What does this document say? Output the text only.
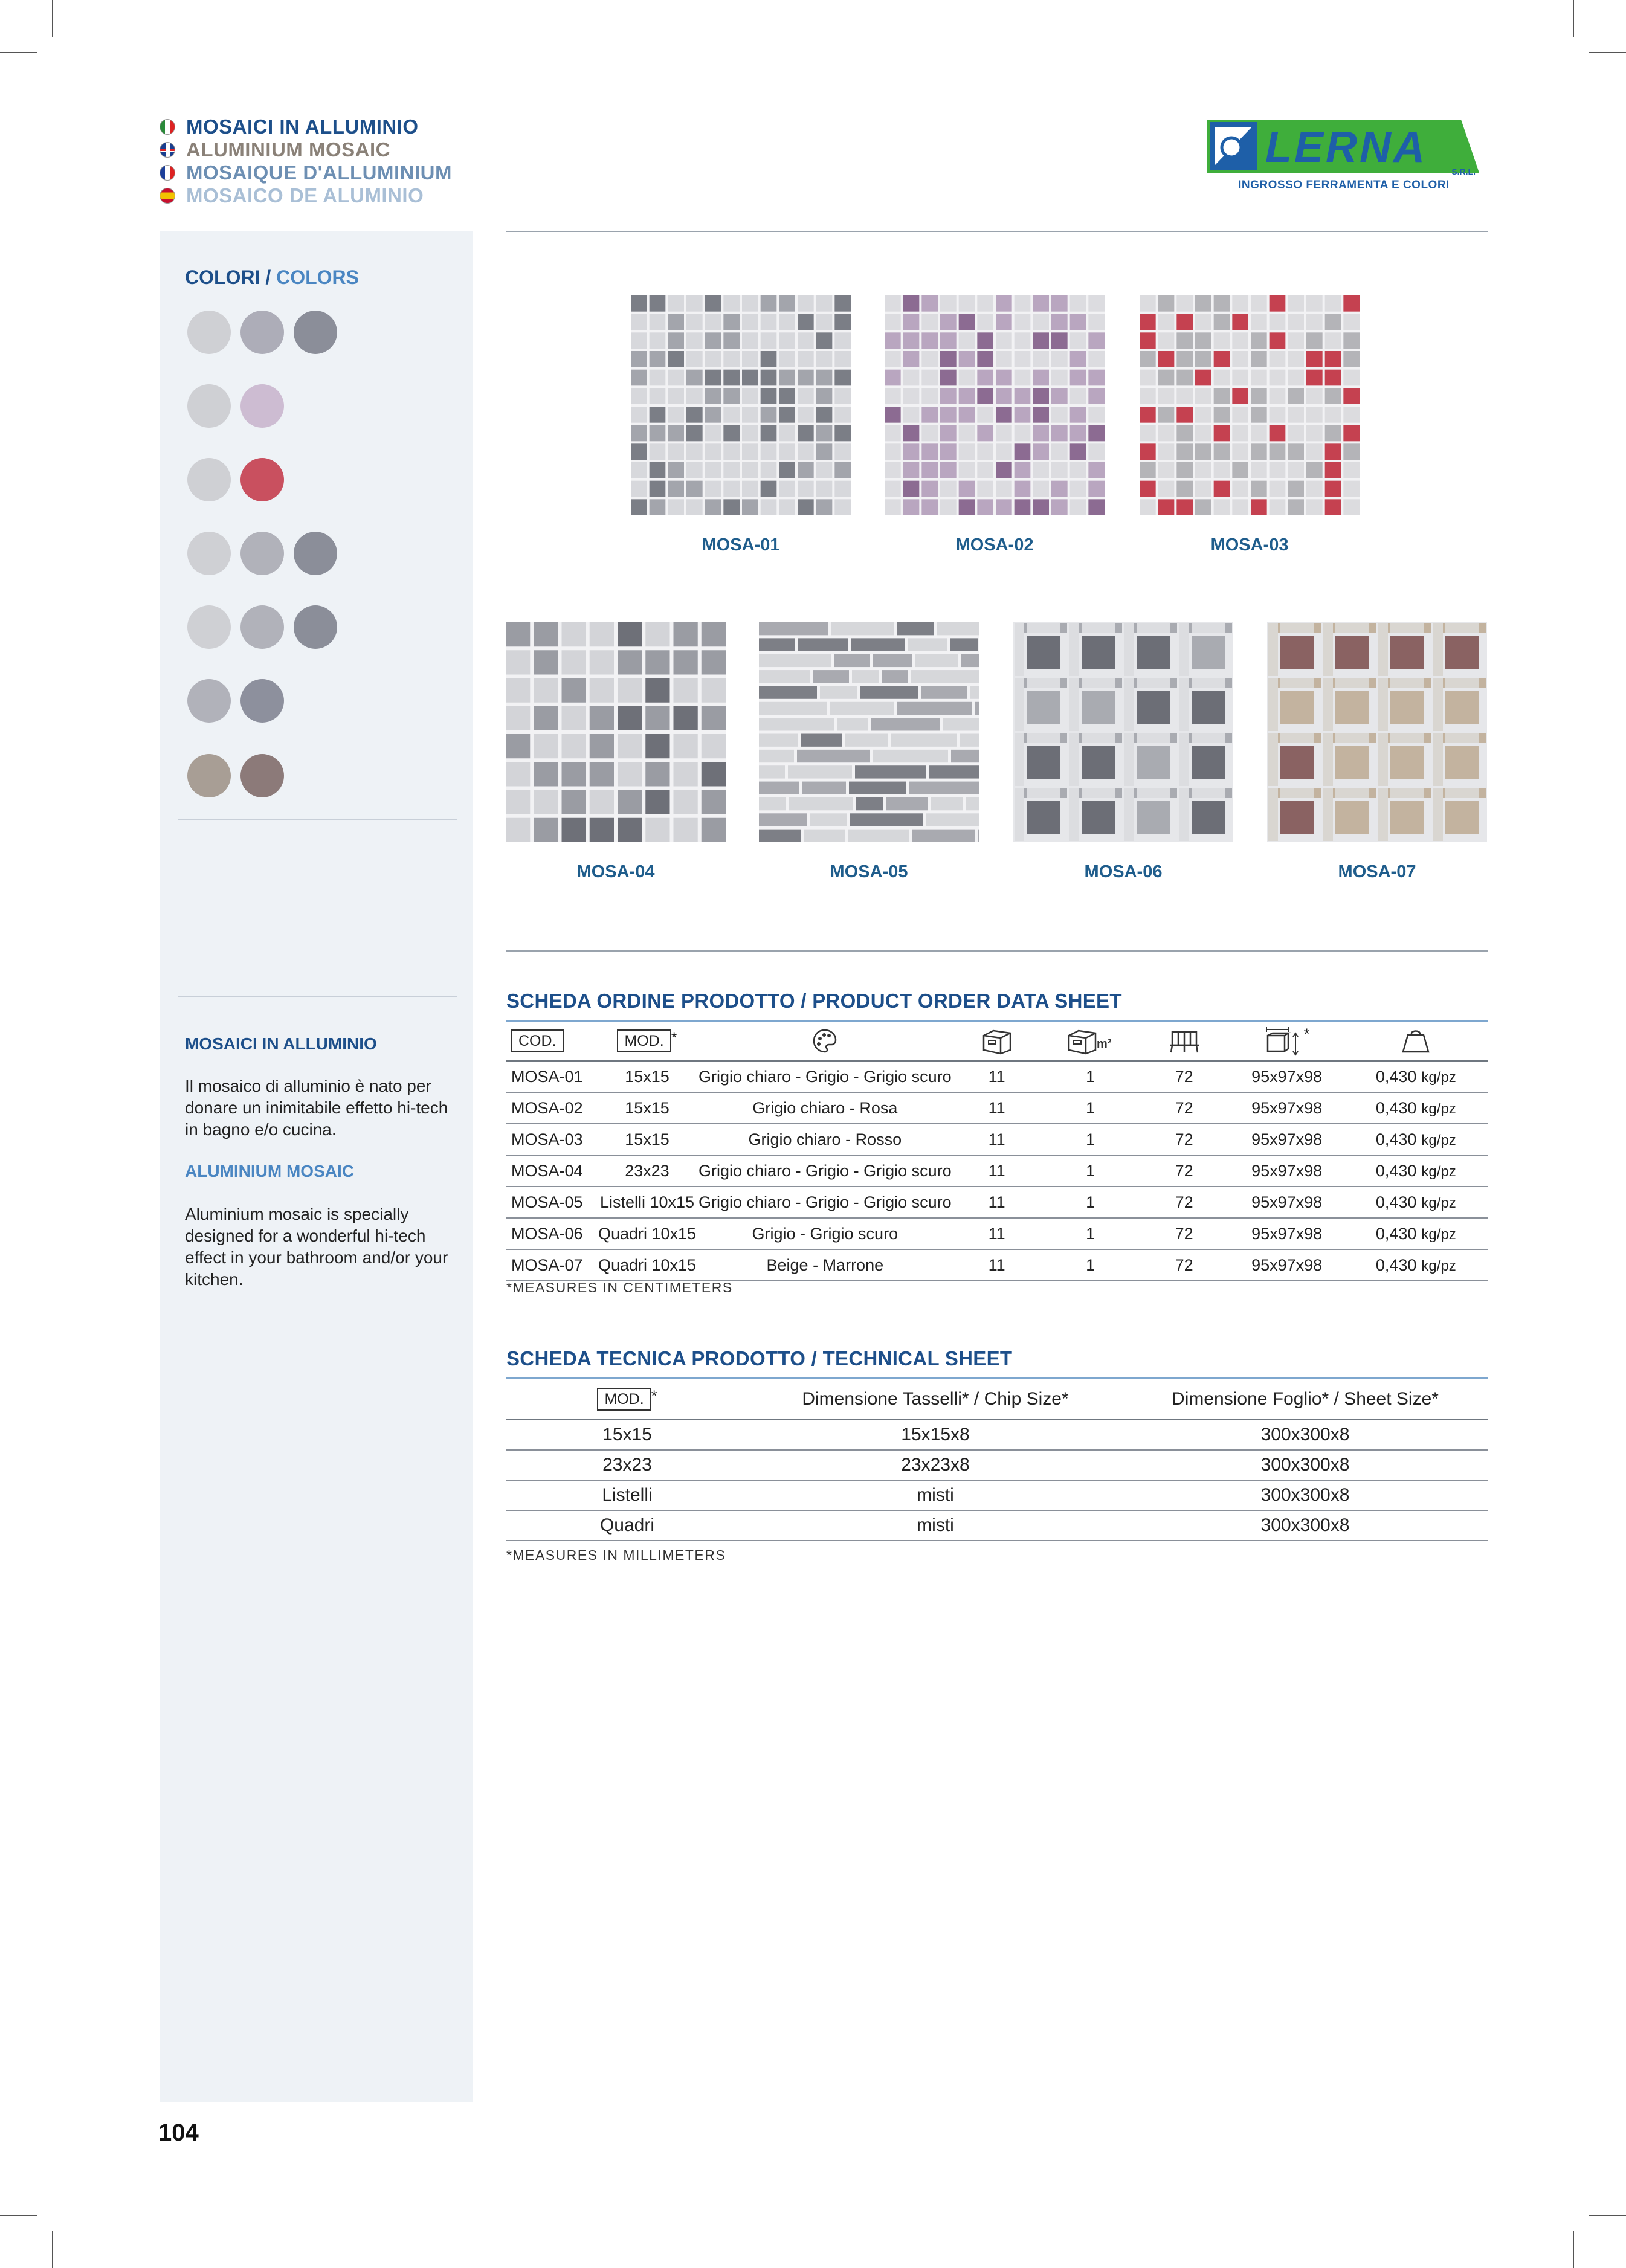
MOSAICI IN ALLUMINIO
ALUMINIUM MOSAIC
MOSAIQUE D'ALLUMINIUM
MOSAICO DE ALUMINIO
LERNA	S.R.L.
INGROSSO FERRAMENTA E COLORI
COLORI / COLORS
MOSAICI IN ALLUMINIO
Il mosaico di alluminio è nato per donare un inimitabile effetto hi-tech in bagno e/o cucina.
ALUMINIUM MOSAIC
Aluminium mosaic is specially designed for a wonderful hi-tech effect in your bathroom and/or your kitchen.
MOSA-01	MOSA-02	MOSA-03
MOSA-04	MOSA-05	MOSA-06	MOSA-07
SCHEDA ORDINE PRODOTTO / PRODUCT ORDER DATA SHEET
COD.	MOD. *			m²		*	
MOSA-01	15x15	Grigio chiaro - Grigio - Grigio scuro	11	1	72	95x97x98	0,430 kg/pz
MOSA-02	15x15	Grigio chiaro - Rosa	11	1	72	95x97x98	0,430 kg/pz
MOSA-03	15x15	Grigio chiaro - Rosso	11	1	72	95x97x98	0,430 kg/pz
MOSA-04	23x23	Grigio chiaro - Grigio - Grigio scuro	11	1	72	95x97x98	0,430 kg/pz
MOSA-05	Listelli 10x15	Grigio chiaro - Grigio - Grigio scuro	11	1	72	95x97x98	0,430 kg/pz
MOSA-06	Quadri 10x15	Grigio - Grigio scuro	11	1	72	95x97x98	0,430 kg/pz
MOSA-07	Quadri 10x15	Beige - Marrone	11	1	72	95x97x98	0,430 kg/pz
*MEASURES IN CENTIMETERS
SCHEDA TECNICA PRODOTTO / TECHNICAL SHEET
MOD. *	Dimensione Tasselli* / Chip Size*	Dimensione Foglio* / Sheet Size*
15x15	15x15x8	300x300x8
23x23	23x23x8	300x300x8
Listelli	misti	300x300x8
Quadri	misti	300x300x8
*MEASURES IN MILLIMETERS
104
